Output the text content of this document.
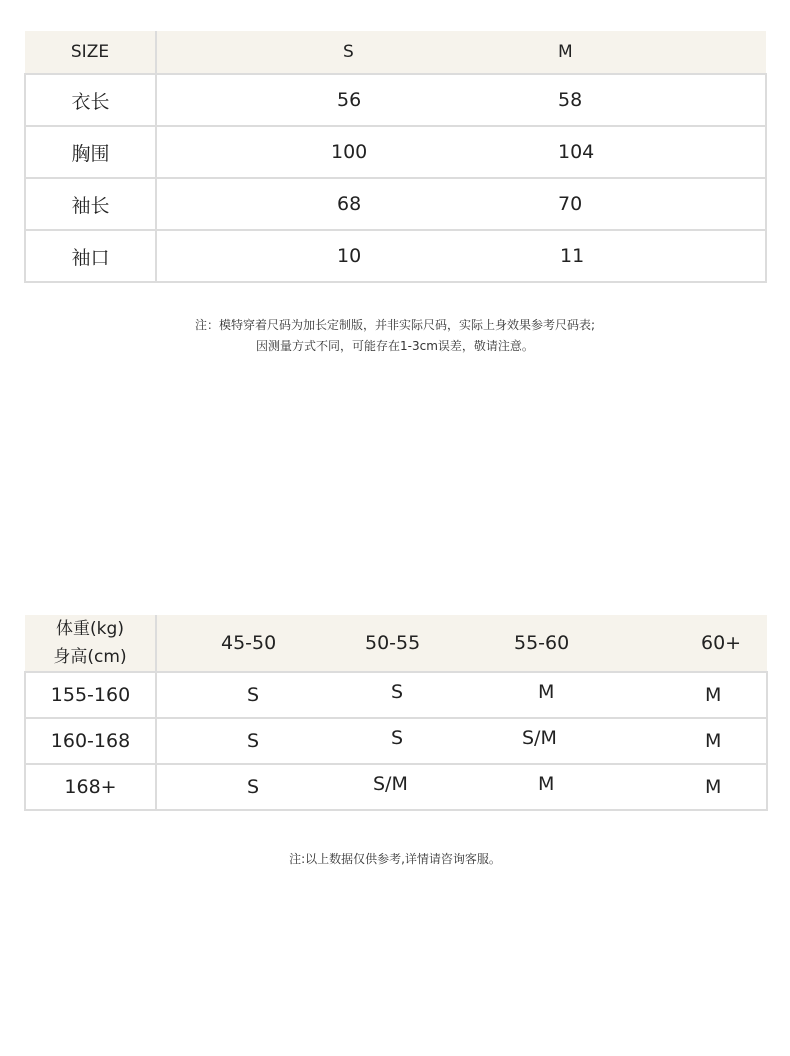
SIZE	S		M
衣长	56		58
胸围	100		104
袖长	68		70
袖口	10		11
注：模特穿着尺码为加长定制版，并非实际尺码，实际上身效果参考尺码表;
因测量方式不同，可能存在1-3cm误差，敬请注意。
体重(kg)
身高(cm)	45-50	50-55	55-60	60+
155-160	S	S	M	M
160-168	S	S	S/M	M
168+	S	S/M	M	M
注:以上数据仅供参考,详情请咨询客服。
